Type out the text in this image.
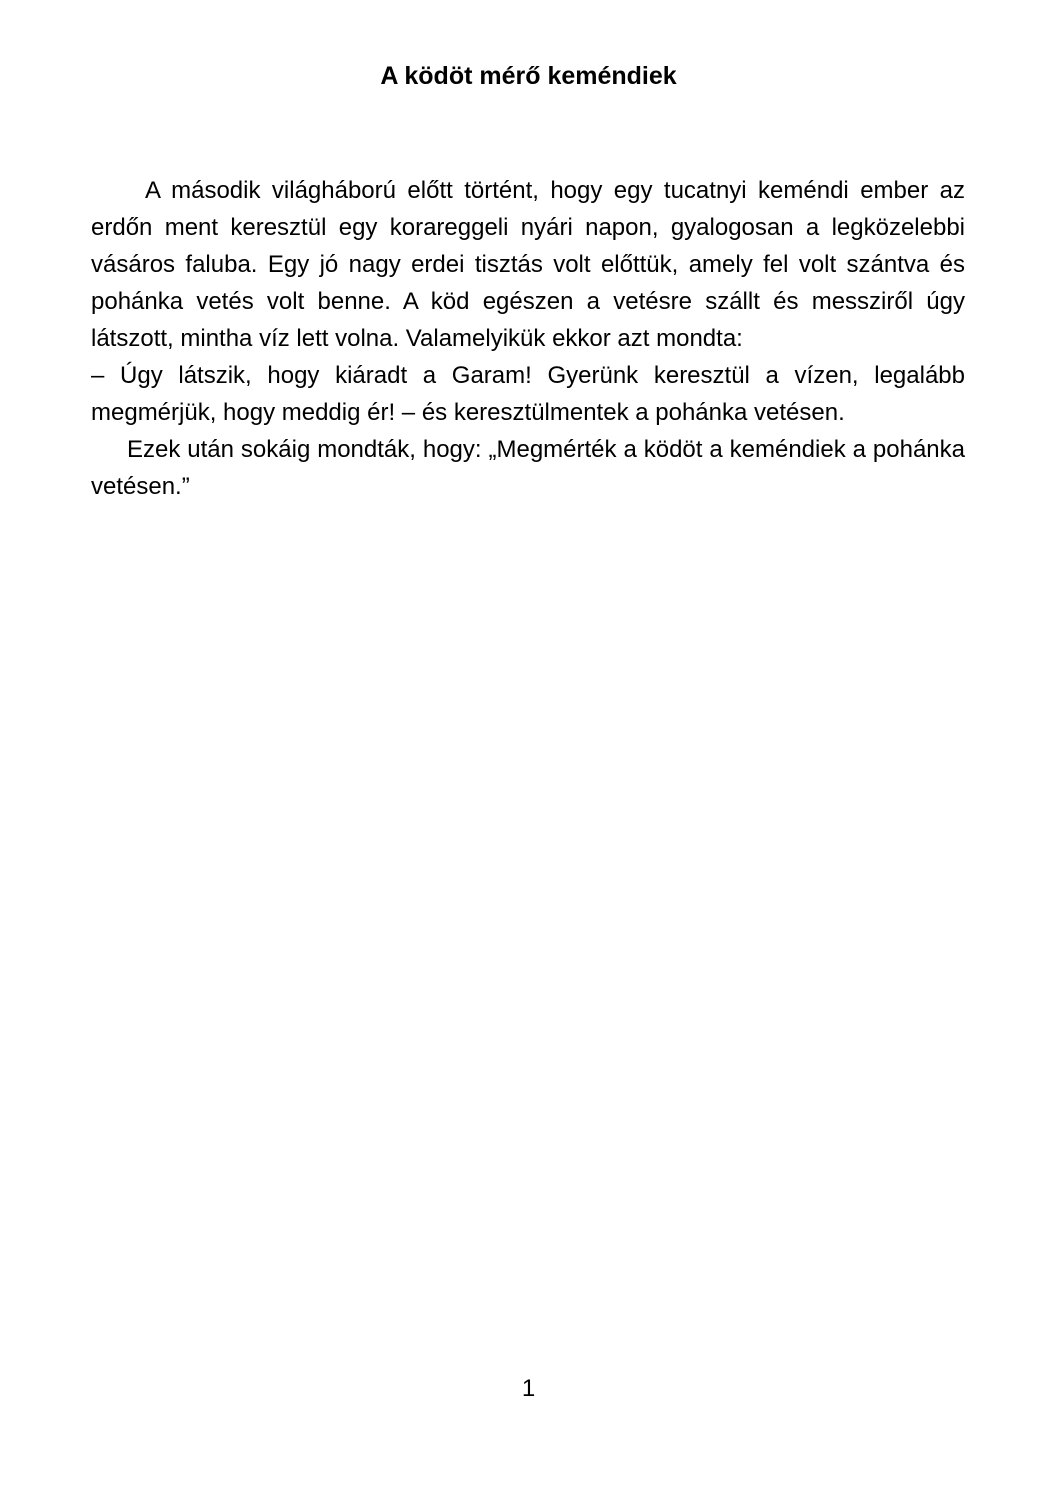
A ködöt mérő keméndiek

A második világháború előtt történt, hogy egy tucatnyi keméndi ember az erdőn ment keresztül egy korareggeli nyári napon, gyalogosan a legközelebbi vásáros faluba. Egy jó nagy erdei tisztás volt előttük, amely fel volt szántva és pohánka vetés volt benne. A köd egészen a vetésre szállt és messziről úgy látszott, mintha víz lett volna. Valamelyikük ekkor azt mondta:

– Úgy látszik, hogy kiáradt a Garam! Gyerünk keresztül a vízen, legalább megmérjük, hogy meddig ér! – és keresztülmentek a pohánka vetésen.

Ezek után sokáig mondták, hogy: „Megmérték a ködöt a keméndiek a pohánka vetésen.”

1
